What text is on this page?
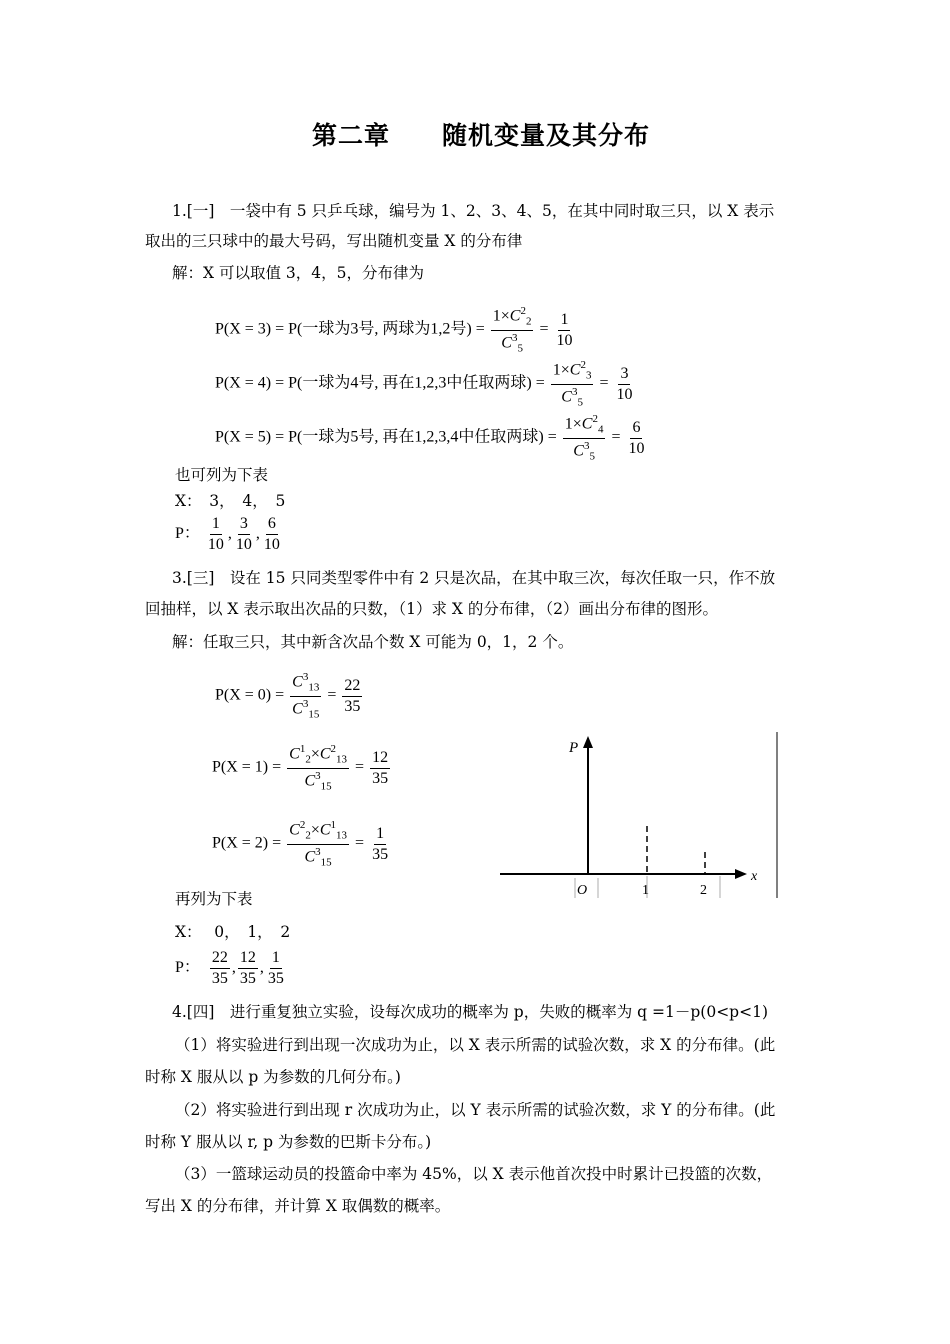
第二章　　随机变量及其分布
1.[一]　一袋中有 5 只乒乓球，编号为 1、2、3、4、5，在其中同时取三只，以 X 表示
取出的三只球中的最大号码，写出随机变量 X 的分布律
解：X 可以取值 3，4，5，分布律为
P(X = 3) = P(一球为3号, 两球为1,2号) = $\frac{1\times C^2_2}{C^3_5} = \frac{1}{10}$
P(X = 4) = P(一球为4号, 再在1,2,3中任取两球) = $\frac{1\times C^2_3}{C^3_5} = \frac{3}{10}$
P(X = 5) = P(一球为5号, 再在1,2,3,4中任取两球) = $\frac{1\times C^2_4}{C^3_5} = \frac{6}{10}$
也可列为下表
X：　3，　4，　5
P： $\frac{1}{10}$ , $\frac{3}{10}$ , $\frac{6}{10}$
3.[三]　设在 15 只同类型零件中有 2 只是次品，在其中取三次，每次任取一只，作不放
回抽样，以 X 表示取出次品的只数，（1）求 X 的分布律，（2）画出分布律的图形。
解：任取三只，其中新含次品个数 X 可能为 0，1，2 个。
$P(X = 0) = \frac{C^3_{13}}{C^3_{15}} = \frac{22}{35}$
$P(X = 1) = \frac{C^1_2\times C^2_{13}}{C^3_{15}} = \frac{12}{35}$
$P(X = 2) = \frac{C^2_2\times C^1_{13}}{C^3_{15}} = \frac{1}{35}$
P
x
O	1	2
再列为下表
X：　 0，　1，　2
P： $\frac{22}{35}$ , $\frac{12}{35}$ , $\frac{1}{35}$
4.[四]　进行重复独立实验，设每次成功的概率为 p，失败的概率为 q =1－p(0<p<1)
（1）将实验进行到出现一次成功为止，以 X 表示所需的试验次数，求 X 的分布律。(此
时称 X 服从以 p 为参数的几何分布。)
（2）将实验进行到出现 r 次成功为止，以 Y 表示所需的试验次数，求 Y 的分布律。(此
时称 Y 服从以 r, p 为参数的巴斯卡分布。)
（3）一篮球运动员的投篮命中率为 45%，以 X 表示他首次投中时累计已投篮的次数，
写出 X 的分布律，并计算 X 取偶数的概率。
